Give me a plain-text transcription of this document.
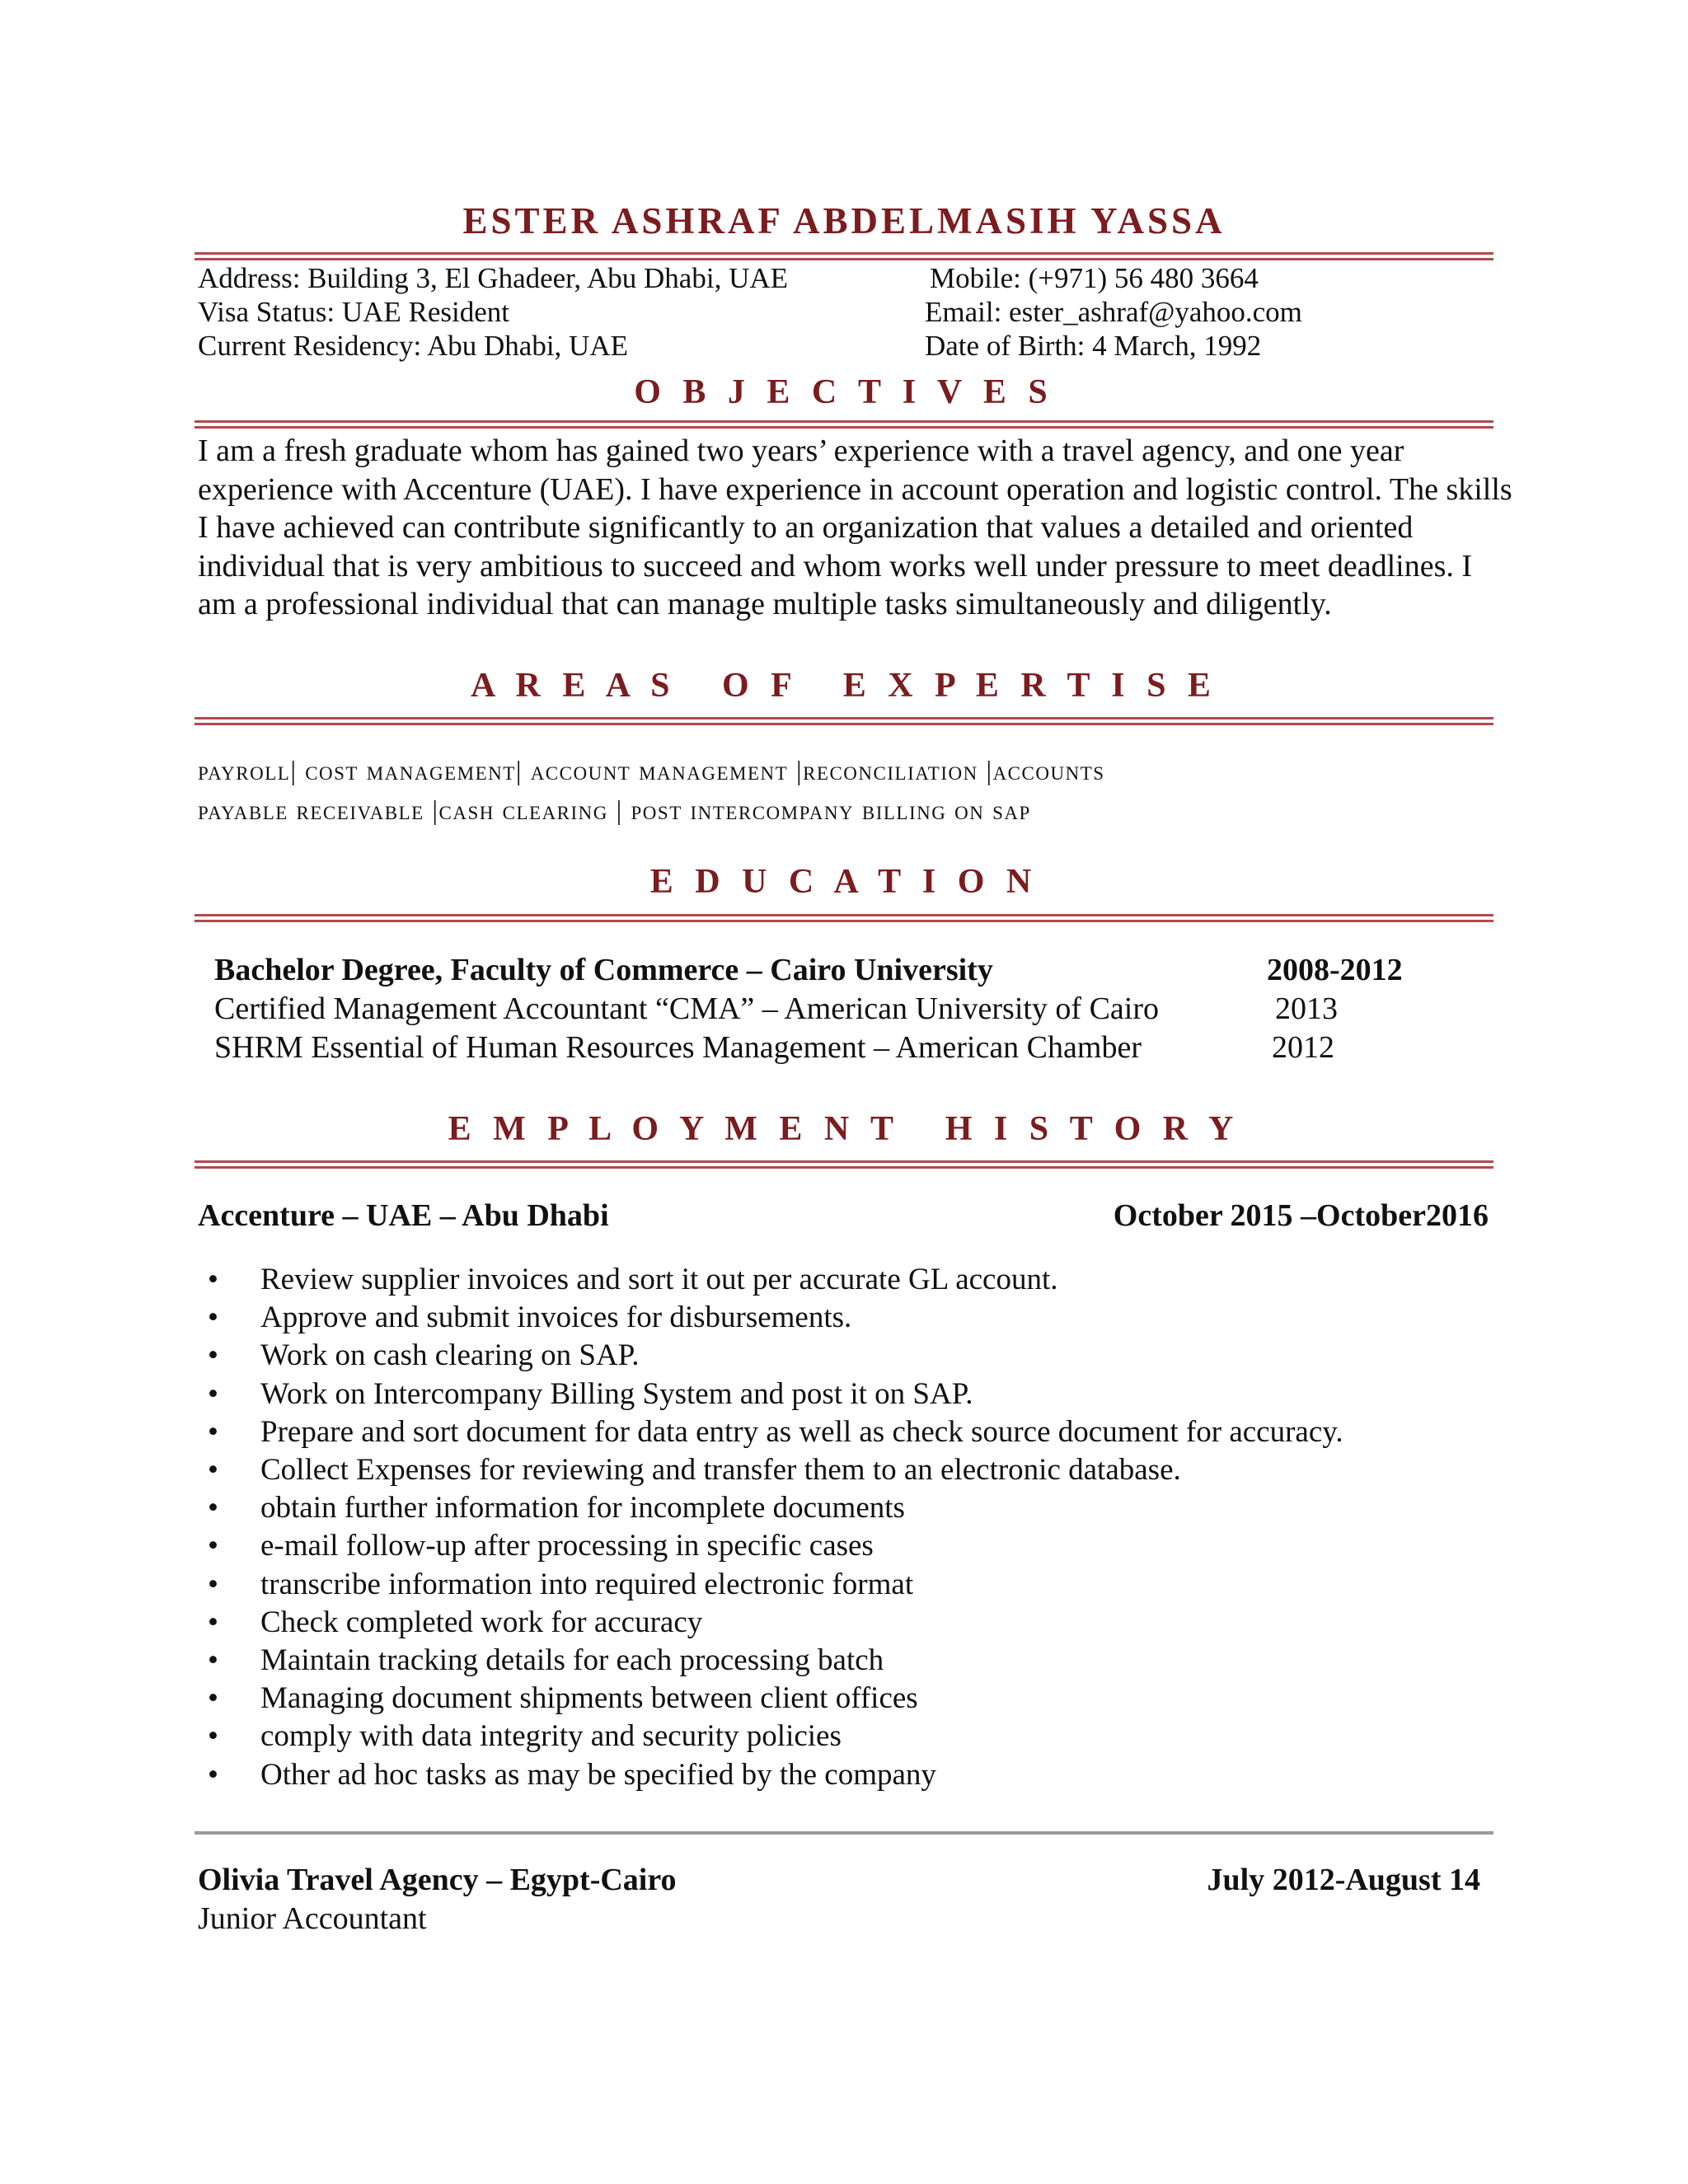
ESTER ASHRAF ABDELMASIH YASSA
Address: Building 3, El Ghadeer, Abu Dhabi, UAE	Mobile: (+971) 56 480 3664
Visa Status: UAE Resident	Email: ester_ashraf@yahoo.com
Current Residency: Abu Dhabi, UAE	Date of Birth: 4 March, 1992
O B J E C T I V E S
I am a fresh graduate whom has gained two years’ experience with a travel agency, and one year experience with Accenture (UAE). I have experience in account operation and logistic control. The skills I have achieved can contribute significantly to an organization that values a detailed and oriented individual that is very ambitious to succeed and whom works well under pressure to meet deadlines. I am a professional individual that can manage multiple tasks simultaneously and diligently.
A R E A S   O F   E X P E R T I S E
payroll| cost management| account management |reconciliation |accounts
payable receivable |cash clearing | post intercompany billing on sap
E D U C A T I O N
Bachelor Degree, Faculty of Commerce – Cairo University	2008-2012
Certified Management Accountant “CMA” – American University of Cairo	2013
SHRM Essential of Human Resources Management – American Chamber	2012
E M P L O Y M E N T   H I S T O R Y
Accenture – UAE – Abu Dhabi	October 2015 –October2016
• Review supplier invoices and sort it out per accurate GL account.
• Approve and submit invoices for disbursements.
• Work on cash clearing on SAP.
• Work on Intercompany Billing System and post it on SAP.
• Prepare and sort document for data entry as well as check source document for accuracy.
• Collect Expenses for reviewing and transfer them to an electronic database.
• obtain further information for incomplete documents
• e-mail follow-up after processing in specific cases
• transcribe information into required electronic format
• Check completed work for accuracy
• Maintain tracking details for each processing batch
• Managing document shipments between client offices
• comply with data integrity and security policies
• Other ad hoc tasks as may be specified by the company
Olivia Travel Agency – Egypt-Cairo	July 2012-August 14
Junior Accountant
